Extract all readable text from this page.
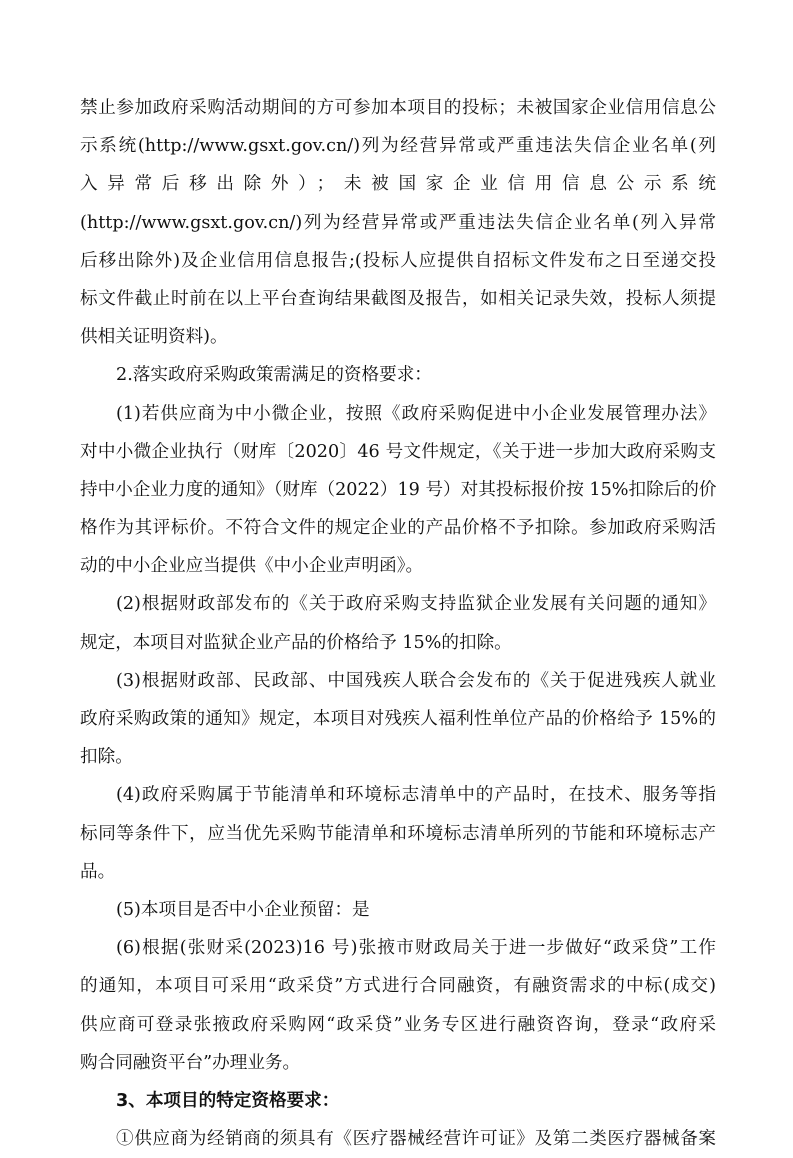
禁止参加政府采购活动期间的方可参加本项目的投标；未被国家企业信用信息公
示系统(http://www.gsxt.gov.cn/)列为经营异常或严重违法失信企业名单(列
入异常后移出除外）；未被国家企业信用信息公示系统
(http://www.gsxt.gov.cn/)列为经营异常或严重违法失信企业名单(列入异常
后移出除外)及企业信用信息报告;(投标人应提供自招标文件发布之日至递交投
标文件截止时前在以上平台查询结果截图及报告，如相关记录失效，投标人须提
供相关证明资料)。
2.落实政府采购政策需满足的资格要求：
(1)若供应商为中小微企业，按照《政府采购促进中小企业发展管理办法》
对中小微企业执行（财库〔2020〕46 号文件规定，《关于进一步加大政府采购支
持中小企业力度的通知》（财库（2022）19 号）对其投标报价按 15%扣除后的价
格作为其评标价。不符合文件的规定企业的产品价格不予扣除。参加政府采购活
动的中小企业应当提供《中小企业声明函》。
(2)根据财政部发布的《关于政府采购支持监狱企业发展有关问题的通知》
规定，本项目对监狱企业产品的价格给予 15%的扣除。
(3)根据财政部、民政部、中国残疾人联合会发布的《关于促进残疾人就业
政府采购政策的通知》规定，本项目对残疾人福利性单位产品的价格给予 15%的
扣除。
(4)政府采购属于节能清单和环境标志清单中的产品时，在技术、服务等指
标同等条件下，应当优先采购节能清单和环境标志清单所列的节能和环境标志产
品。
(5)本项目是否中小企业预留：是
(6)根据(张财采(2023)16 号)张掖市财政局关于进一步做好“政采贷”工作
的通知，本项目可采用“政采贷”方式进行合同融资，有融资需求的中标(成交)
供应商可登录张掖政府采购网“政采贷”业务专区进行融资咨询，登录“政府采
购合同融资平台”办理业务。
3、本项目的特定资格要求：
①供应商为经销商的须具有《医疗器械经营许可证》及第二类医疗器械备案
